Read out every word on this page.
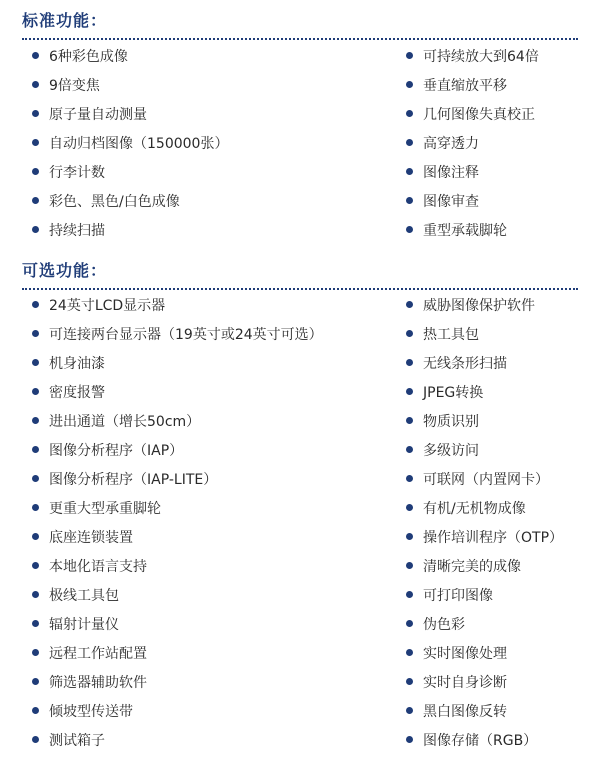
标准功能：
6种彩色成像
9倍变焦
原子量自动测量
自动归档图像（150000张）
行李计数
彩色、黑色/白色成像
持续扫描
可持续放大到64倍
垂直缩放平移
几何图像失真校正
高穿透力
图像注释
图像审查
重型承载脚轮
可选功能：
24英寸LCD显示器
可连接两台显示器（19英寸或24英寸可选）
机身油漆
密度报警
进出通道（增长50cm）
图像分析程序（IAP）
图像分析程序（IAP-LITE）
更重大型承重脚轮
底座连锁装置
本地化语言支持
极线工具包
辐射计量仪
远程工作站配置
筛选器辅助软件
倾坡型传送带
测试箱子
威胁图像保护软件
热工具包
无线条形扫描
JPEG转换
物质识别
多级访问
可联网（内置网卡）
有机/无机物成像
操作培训程序（OTP）
清晰完美的成像
可打印图像
伪色彩
实时图像处理
实时自身诊断
黑白图像反转
图像存储（RGB）
